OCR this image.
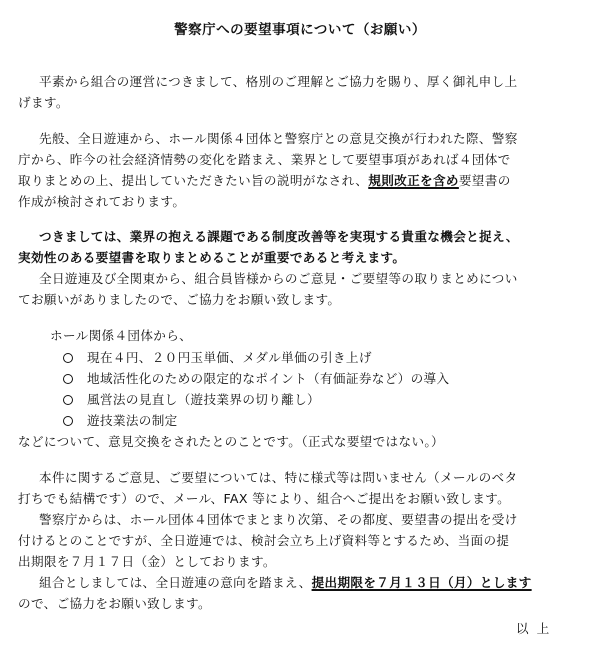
警察庁への要望事項について（お願い）
平素から組合の運営につきまして、格別のご理解とご協力を賜り、厚く御礼申し上
げます。
先般、全日遊連から、ホール関係４団体と警察庁との意見交換が行われた際、警察
庁から、昨今の社会経済情勢の変化を踏まえ、業界として要望事項があれば４団体で
取りまとめの上、提出していただきたい旨の説明がなされ、規則改正を含め要望書の
作成が検討されております。
つきましては、業界の抱える課題である制度改善等を実現する貴重な機会と捉え、
実効性のある要望書を取りまとめることが重要であると考えます。
全日遊連及び全関東から、組合員皆様からのご意見・ご要望等の取りまとめについ
てお願いがありましたので、ご協力をお願い致します。
ホール関係４団体から、
現在４円、２０円玉単価、メダル単価の引き上げ
地域活性化のための限定的なポイント（有価証券など）の導入
風営法の見直し（遊技業界の切り離し）
遊技業法の制定
などについて、意見交換をされたとのことです。（正式な要望ではない。）
本件に関するご意見、ご要望については、特に様式等は問いません（メールのベタ
打ちでも結構です）ので、メール、FAX 等により、組合へご提出をお願い致します。
警察庁からは、ホール団体４団体でまとまり次第、その都度、要望書の提出を受け
付けるとのことですが、全日遊連では、検討会立ち上げ資料等とするため、当面の提
出期限を７月１７日（金）としております。
組合としましては、全日遊連の意向を踏まえ、提出期限を７月１３日（月）とします
ので、ご協力をお願い致します。
以上
